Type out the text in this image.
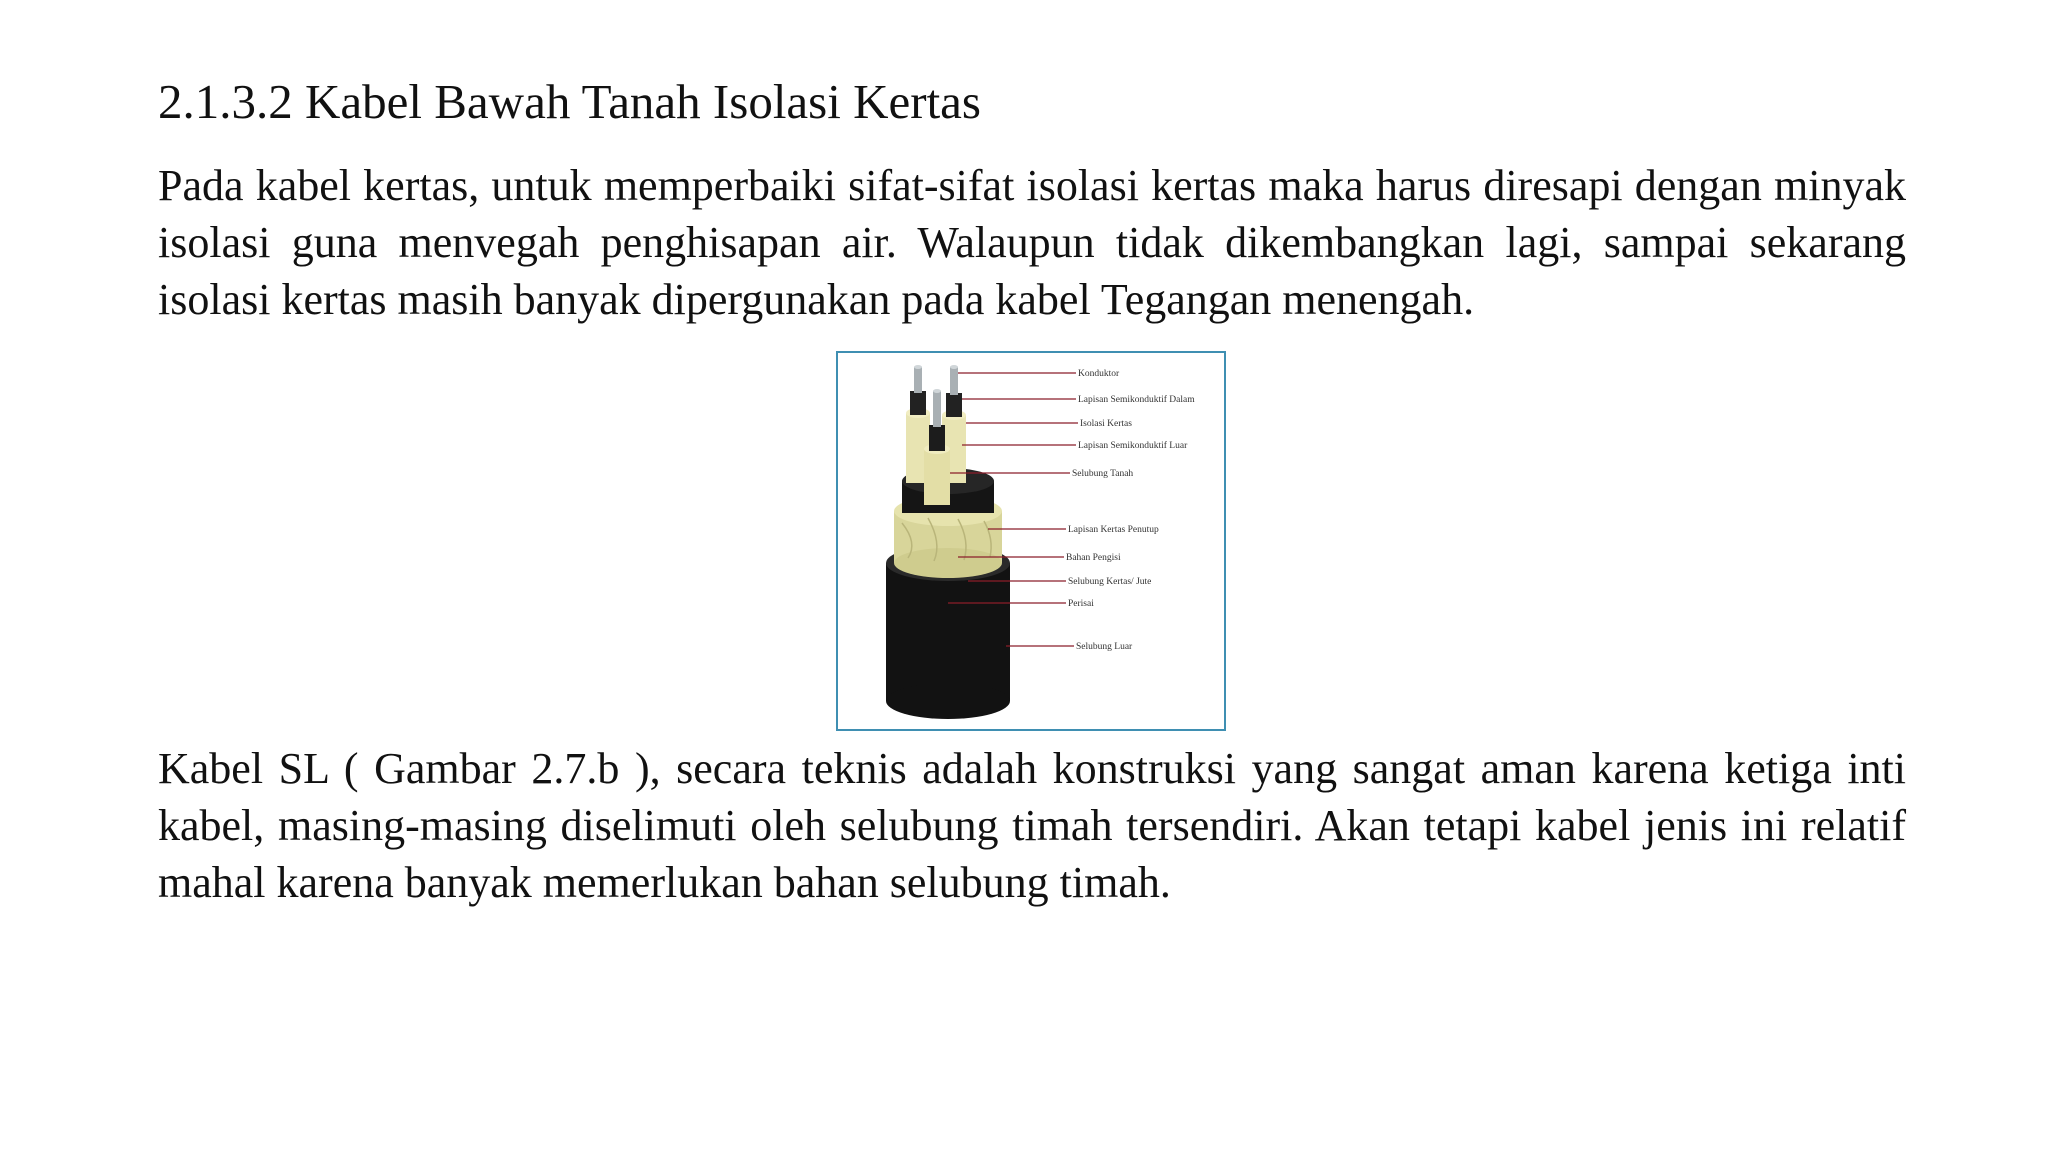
2.1.3.2 Kabel Bawah Tanah Isolasi Kertas
Pada kabel kertas, untuk memperbaiki sifat-sifat isolasi kertas maka harus diresapi dengan minyak isolasi guna menvegah penghisapan air. Walaupun tidak dikembangkan lagi, sampai sekarang isolasi kertas masih banyak dipergunakan pada kabel Tegangan menengah.
Konduktor
Lapisan Semikonduktif Dalam
Isolasi Kertas
Lapisan Semikonduktif Luar
Selubung Tanah
Lapisan Kertas Penutup
Bahan Pengisi
Selubung Kertas/ Jute
Perisai
Selubung Luar
Kabel SL ( Gambar 2.7.b ), secara teknis adalah konstruksi yang sangat aman karena ketiga inti kabel, masing-masing diselimuti oleh selubung timah tersendiri. Akan tetapi kabel jenis ini relatif mahal karena banyak memerlukan bahan selubung timah.
